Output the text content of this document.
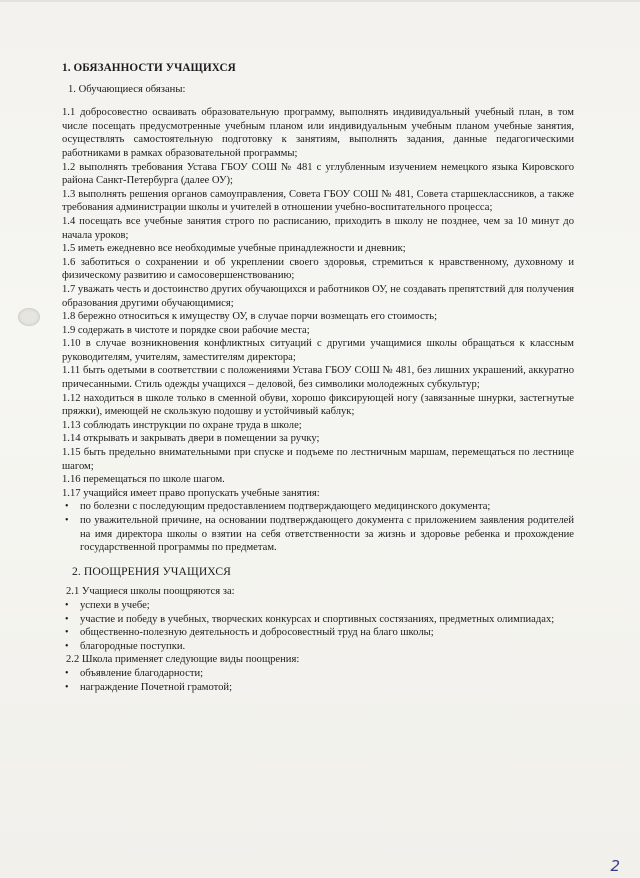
1. ОБЯЗАННОСТИ УЧАЩИХСЯ

1. Обучающиеся обязаны:

1.1 добросовестно осваивать образовательную программу, выполнять индивидуальный учебный план, в том числе посещать предусмотренные учебным планом или индивидуальным учебным планом учебные занятия, осуществлять самостоятельную подготовку к занятиям, выполнять задания, данные педагогическими работниками в рамках образовательной программы;

1.2 выполнять требования Устава ГБОУ СОШ № 481 с углубленным изучением немецкого языка Кировского района Санкт-Петербурга (далее ОУ);

1.3 выполнять решения органов самоуправления, Совета ГБОУ СОШ № 481, Совета старшеклассников, а также требования администрации школы и учителей в отношении учебно-воспитательного процесса;

1.4 посещать все учебные занятия строго по расписанию, приходить в школу не позднее, чем за 10 минут до начала уроков;

1.5 иметь ежедневно все необходимые учебные принадлежности и дневник;

1.6 заботиться о сохранении и об укреплении своего здоровья, стремиться к нравственному, духовному и физическому развитию и самосовершенствованию;

1.7 уважать честь и достоинство других обучающихся и работников ОУ, не создавать препятствий для получения образования другими обучающимися;

1.8 бережно относиться к имуществу ОУ, в случае порчи возмещать его стоимость;

1.9 содержать в чистоте и порядке свои рабочие места;

1.10 в случае возникновения конфликтных ситуаций с другими учащимися школы обращаться к классным руководителям, учителям, заместителям директора;

1.11 быть одетыми в соответствии с положениями Устава ГБОУ СОШ № 481, без лишних украшений, аккуратно причесанными. Стиль одежды учащихся – деловой, без символики молодежных субкультур;

1.12 находиться в школе только в сменной обуви, хорошо фиксирующей ногу (завязанные шнурки, застегнутые пряжки), имеющей не скользкую подошву и устойчивый каблук;

1.13 соблюдать инструкции по охране труда в школе;

1.14 открывать и закрывать двери в помещении за ручку;

1.15 быть предельно внимательными при спуске и подъеме по лестничным маршам, перемещаться по лестнице шагом;

1.16 перемещаться по школе шагом.

1.17 учащийся имеет право пропускать учебные занятия:

• по болезни с последующим предоставлением подтверждающего медицинского документа;
• по уважительной причине, на основании подтверждающего документа с приложением заявления родителей на имя директора школы о взятии на себя ответственности за жизнь и здоровье ребенка и прохождение государственной программы по предметам.
2. ПООЩРЕНИЯ УЧАЩИХСЯ

2.1 Учащиеся школы поощряются за:

• успехи в учебе;
• участие и победу в учебных, творческих конкурсах и спортивных состязаниях, предметных олимпиадах;
• общественно-полезную деятельность и добросовестный труд на благо школы;
• благородные поступки.

2.2 Школа применяет следующие виды поощрения:

• объявление благодарности;
• награждение Почетной грамотой;
2
